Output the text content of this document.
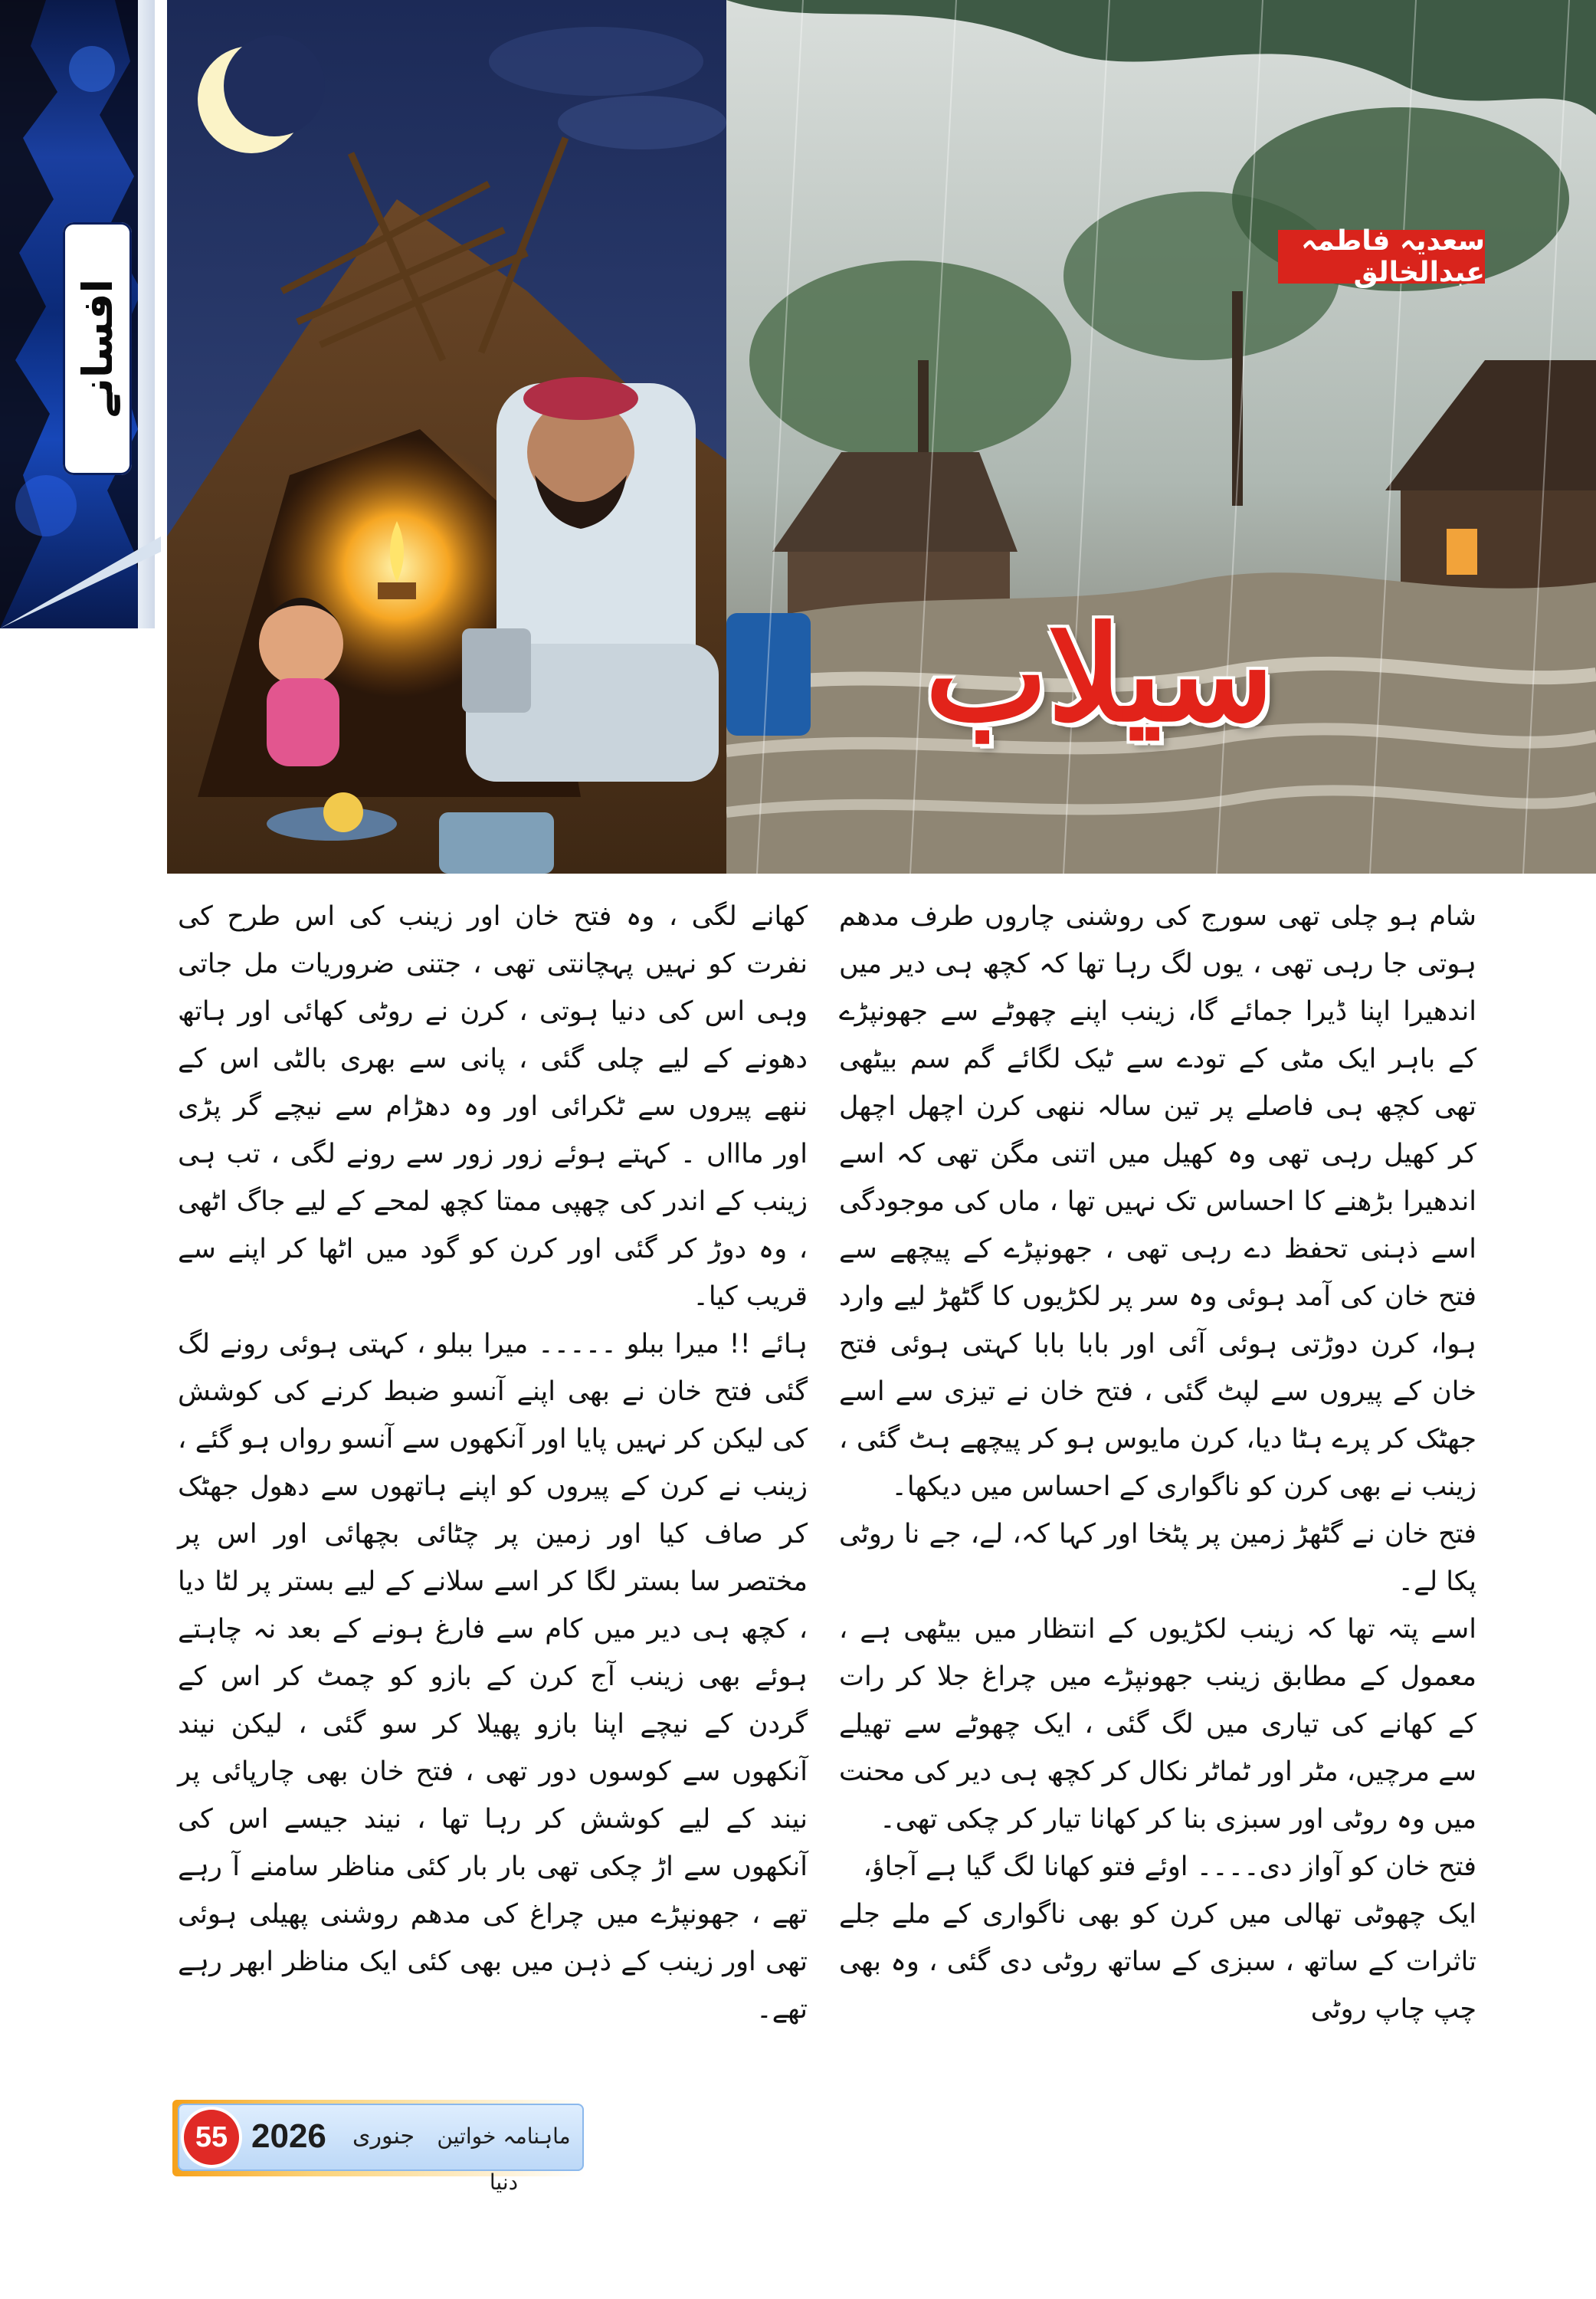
افسانے
سعدیہ فاطمہ عبدالخالق
سیلاب

شام ہو چلی تھی سورج کی روشنی چاروں طرف مدھم ہوتی جا رہی تھی ، یوں لگ رہا تھا کہ کچھ ہی دیر میں اندھیرا اپنا ڈیرا جمائے گا، زینب اپنے چھوٹے سے جھونپڑے کے باہر ایک مٹی کے تودے سے ٹیک لگائے گم سم بیٹھی تھی کچھ ہی فاصلے پر تین سالہ ننھی کرن اچھل اچھل کر کھیل رہی تھی وہ کھیل میں اتنی مگن تھی کہ اسے اندھیرا بڑھنے کا احساس تک نہیں تھا ، ماں کی موجودگی اسے ذہنی تحفظ دے رہی تھی ، جھونپڑے کے پیچھے سے فتح خان کی آمد ہوئی وہ سر پر لکڑیوں کا گٹھڑ لیے وارد ہوا، کرن دوڑتی ہوئی آئی اور بابا بابا کہتی ہوئی فتح خان کے پیروں سے لپٹ گئی ، فتح خان نے تیزی سے اسے جھٹک کر پرے ہٹا دیا، کرن مایوس ہو کر پیچھے ہٹ گئی ، زینب نے بھی کرن کو ناگواری کے احساس میں دیکھا۔

فتح خان نے گٹھڑ زمین پر پٹخا اور کہا کہ، لے، جے نا روٹی پکا لے۔

اسے پتہ تھا کہ زینب لکڑیوں کے انتظار میں بیٹھی ہے ، معمول کے مطابق زینب جھونپڑے میں چراغ جلا کر رات کے کھانے کی تیاری میں لگ گئی ، ایک چھوٹے سے تھیلے سے مرچیں، مٹر اور ٹماٹر نکال کر کچھ ہی دیر کی محنت میں وہ روٹی اور سبزی بنا کر کھانا تیار کر چکی تھی۔

فتح خان کو آواز دی۔۔۔۔ اوئے فتو کھانا لگ گیا ہے آجاؤ،

ایک چھوٹی تھالی میں کرن کو بھی ناگواری کے ملے جلے تاثرات کے ساتھ ، سبزی کے ساتھ روٹی دی گئی ، وہ بھی چپ چاپ روٹی

کھانے لگی ، وہ فتح خان اور زینب کی اس طرح کی نفرت کو نہیں پہچانتی تھی ، جتنی ضروریات مل جاتی وہی اس کی دنیا ہوتی ، کرن نے روٹی کھائی اور ہاتھ دھونے کے لیے چلی گئی ، پانی سے بھری بالٹی اس کے ننھے پیروں سے ٹکرائی اور وہ دھڑام سے نیچے گر پڑی اور ماااں ۔ کہتے ہوئے زور زور سے رونے لگی ، تب ہی زینب کے اندر کی چھپی ممتا کچھ لمحے کے لیے جاگ اٹھی ، وہ دوڑ کر گئی اور کرن کو گود میں اٹھا کر اپنے سے قریب کیا۔

ہائے !! میرا ببلو ۔۔۔۔۔ میرا ببلو ، کہتی ہوئی رونے لگ گئی فتح خان نے بھی اپنے آنسو ضبط کرنے کی کوشش کی لیکن کر نہیں پایا اور آنکھوں سے آنسو رواں ہو گئے ، زینب نے کرن کے پیروں کو اپنے ہاتھوں سے دھول جھٹک کر صاف کیا اور زمین پر چٹائی بچھائی اور اس پر مختصر سا بستر لگا کر اسے سلانے کے لیے بستر پر لٹا دیا ، کچھ ہی دیر میں کام سے فارغ ہونے کے بعد نہ چاہتے ہوئے بھی زینب آج کرن کے بازو کو چمٹ کر اس کے گردن کے نیچے اپنا بازو پھیلا کر سو گئی ، لیکن نیند آنکھوں سے کوسوں دور تھی ، فتح خان بھی چارپائی پر نیند کے لیے کوشش کر رہا تھا ، نیند جیسے اس کی آنکھوں سے اڑ چکی تھی بار بار کئی مناظر سامنے آ رہے تھے ، جھونپڑے میں چراغ کی مدھم روشنی پھیلی ہوئی تھی اور زینب کے ذہن میں بھی کئی ایک مناظر ابھر رہے تھے۔

55 2026 جنوری	ماہنامہ خواتین دنیا
